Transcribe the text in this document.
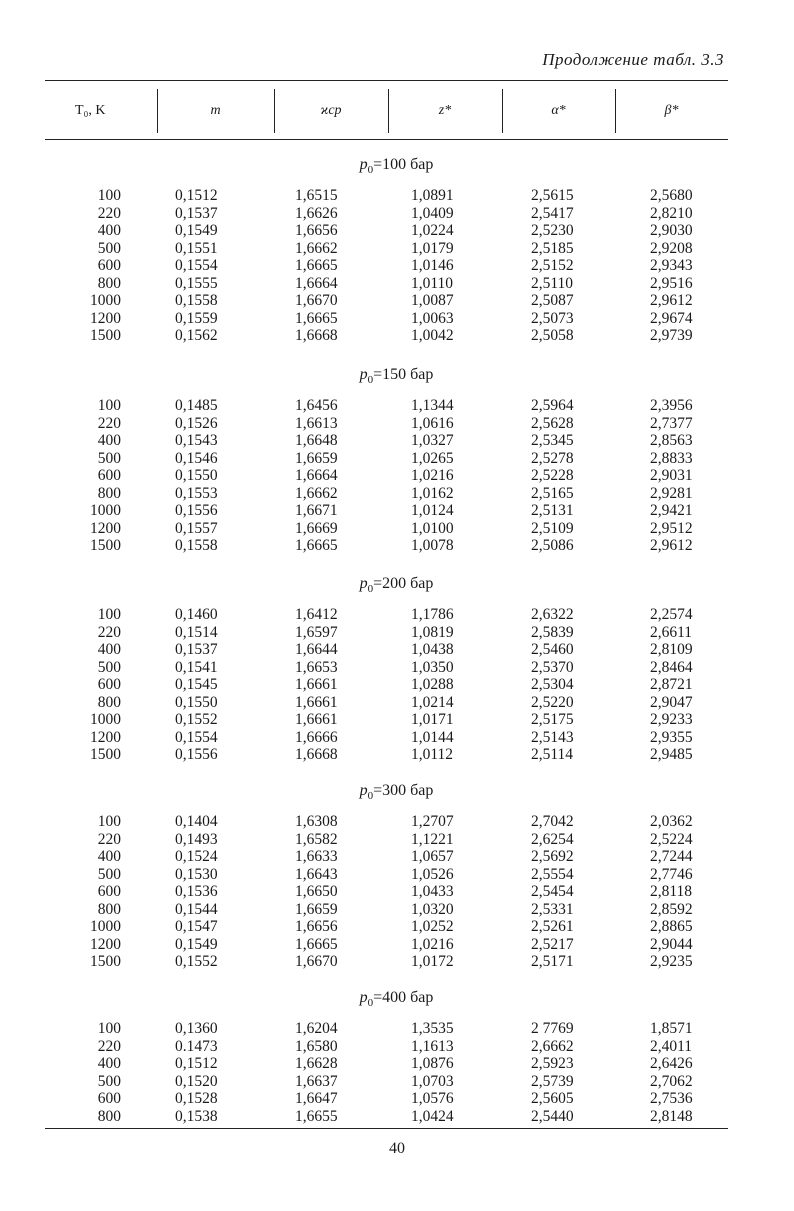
Продолжение табл. 3.3
T₀, K	m	ϰср	z*	α*	β*
$p_0=100$ бар
100	0,1512	1,6515	1,0891	2,5615	2,5680
220	0,1537	1,6626	1,0409	2,5417	2,8210
400	0,1549	1,6656	1,0224	2,5230	2,9030
500	0,1551	1,6662	1,0179	2,5185	2,9208
600	0,1554	1,6665	1,0146	2,5152	2,9343
800	0,1555	1,6664	1,0110	2,5110	2,9516
1000	0,1558	1,6670	1,0087	2,5087	2,9612
1200	0,1559	1,6665	1,0063	2,5073	2,9674
1500	0,1562	1,6668	1,0042	2,5058	2,9739
$p_0=150$ бар
100	0,1485	1,6456	1,1344	2,5964	2,3956
220	0,1526	1,6613	1,0616	2,5628	2,7377
400	0,1543	1,6648	1,0327	2,5345	2,8563
500	0,1546	1,6659	1,0265	2,5278	2,8833
600	0,1550	1,6664	1,0216	2,5228	2,9031
800	0,1553	1,6662	1,0162	2,5165	2,9281
1000	0,1556	1,6671	1,0124	2,5131	2,9421
1200	0,1557	1,6669	1,0100	2,5109	2,9512
1500	0,1558	1,6665	1,0078	2,5086	2,9612
$p_0=200$ бар
100	0,1460	1,6412	1,1786	2,6322	2,2574
220	0,1514	1,6597	1,0819	2,5839	2,6611
400	0,1537	1,6644	1,0438	2,5460	2,8109
500	0,1541	1,6653	1,0350	2,5370	2,8464
600	0,1545	1,6661	1,0288	2,5304	2,8721
800	0,1550	1,6661	1,0214	2,5220	2,9047
1000	0,1552	1,6661	1,0171	2,5175	2,9233
1200	0,1554	1,6666	1,0144	2,5143	2,9355
1500	0,1556	1,6668	1,0112	2,5114	2,9485
$p_0=300$ бар
100	0,1404	1,6308	1,2707	2,7042	2,0362
220	0,1493	1,6582	1,1221	2,6254	2,5224
400	0,1524	1,6633	1,0657	2,5692	2,7244
500	0,1530	1,6643	1,0526	2,5554	2,7746
600	0,1536	1,6650	1,0433	2,5454	2,8118
800	0,1544	1,6659	1,0320	2,5331	2,8592
1000	0,1547	1,6656	1,0252	2,5261	2,8865
1200	0,1549	1,6665	1,0216	2,5217	2,9044
1500	0,1552	1,6670	1,0172	2,5171	2,9235
$p_0=400$ бар
100	0,1360	1,6204	1,3535	2 7769	1,8571
220	0.1473	1,6580	1,1613	2,6662	2,4011
400	0,1512	1,6628	1,0876	2,5923	2,6426
500	0,1520	1,6637	1,0703	2,5739	2,7062
600	0,1528	1,6647	1,0576	2,5605	2,7536
800	0,1538	1,6655	1,0424	2,5440	2,8148
40
